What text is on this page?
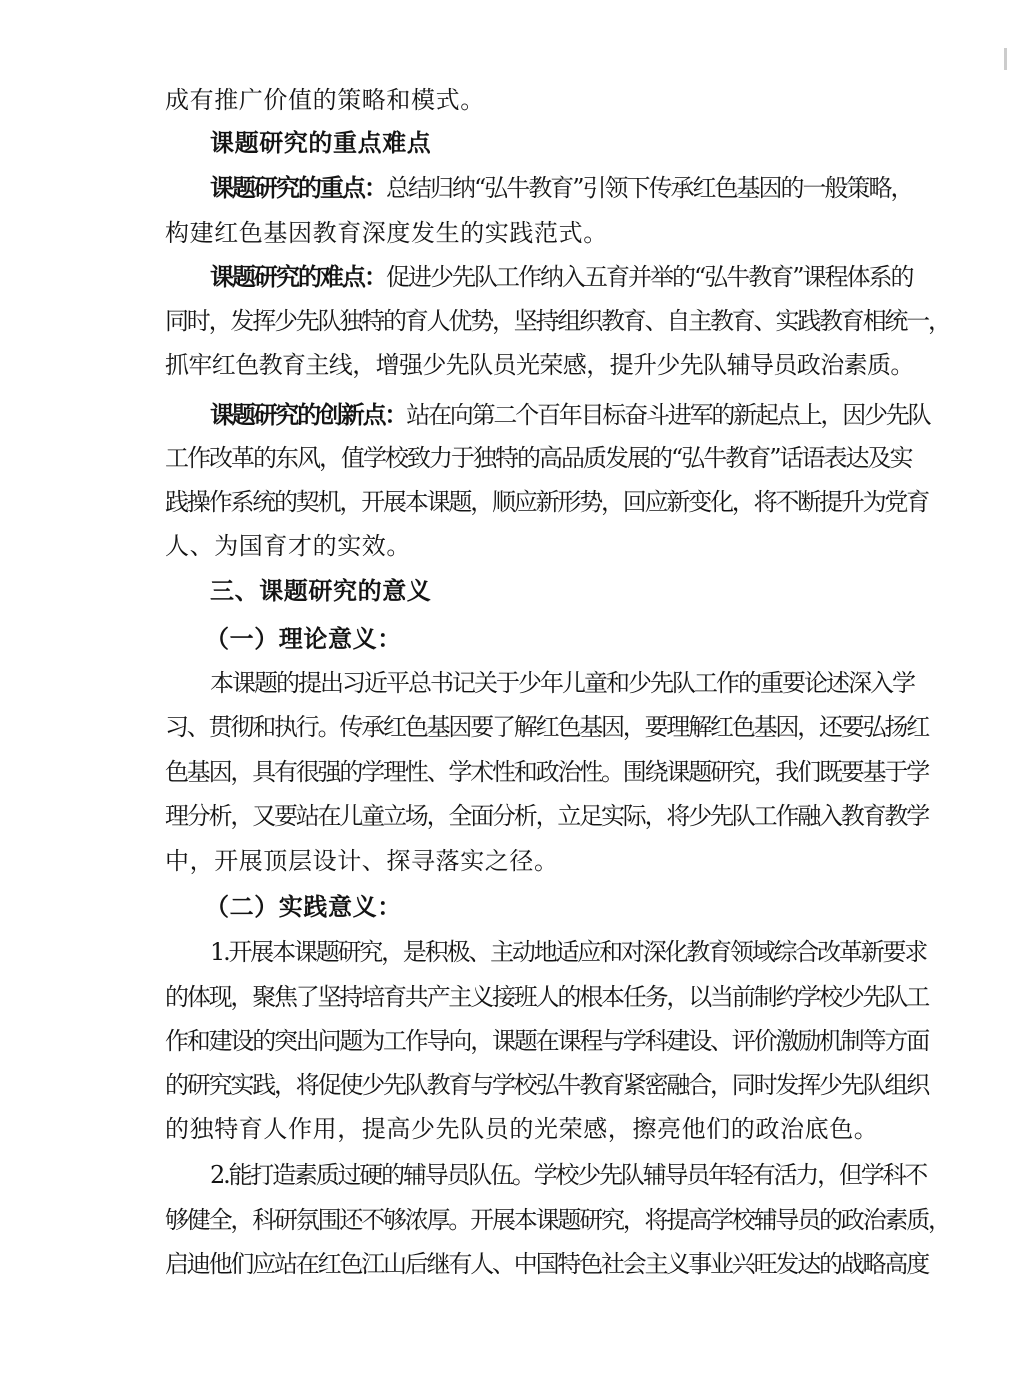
成有推广价值的策略和模式。

课题研究的重点难点

课题研究的重点：总结归纳“弘牛教育”引领下传承红色基因的一般策略，

构建红色基因教育深度发生的实践范式。

课题研究的难点：促进少先队工作纳入五育并举的“弘牛教育”课程体系的

同时，发挥少先队独特的育人优势，坚持组织教育、自主教育、实践教育相统一，

抓牢红色教育主线，增强少先队员光荣感，提升少先队辅导员政治素质。

课题研究的创新点：站在向第二个百年目标奋斗进军的新起点上，因少先队

工作改革的东风，值学校致力于独特的高品质发展的“弘牛教育”话语表达及实

践操作系统的契机，开展本课题，顺应新形势，回应新变化，将不断提升为党育

人、为国育才的实效。

三、课题研究的意义

（一）理论意义：

本课题的提出习近平总书记关于少年儿童和少先队工作的重要论述深入学

习、贯彻和执行。传承红色基因要了解红色基因，要理解红色基因，还要弘扬红

色基因，具有很强的学理性、学术性和政治性。围绕课题研究，我们既要基于学

理分析，又要站在儿童立场，全面分析，立足实际，将少先队工作融入教育教学

中，开展顶层设计、探寻落实之径。

（二）实践意义：

1.开展本课题研究，是积极、主动地适应和对深化教育领域综合改革新要求

的体现，聚焦了坚持培育共产主义接班人的根本任务，以当前制约学校少先队工

作和建设的突出问题为工作导向，课题在课程与学科建设、评价激励机制等方面

的研究实践，将促使少先队教育与学校弘牛教育紧密融合，同时发挥少先队组织

的独特育人作用，提高少先队员的光荣感，擦亮他们的政治底色。

2.能打造素质过硬的辅导员队伍。学校少先队辅导员年轻有活力，但学科不

够健全，科研氛围还不够浓厚。开展本课题研究，将提高学校辅导员的政治素质，

启迪他们应站在红色江山后继有人、中国特色社会主义事业兴旺发达的战略高度
